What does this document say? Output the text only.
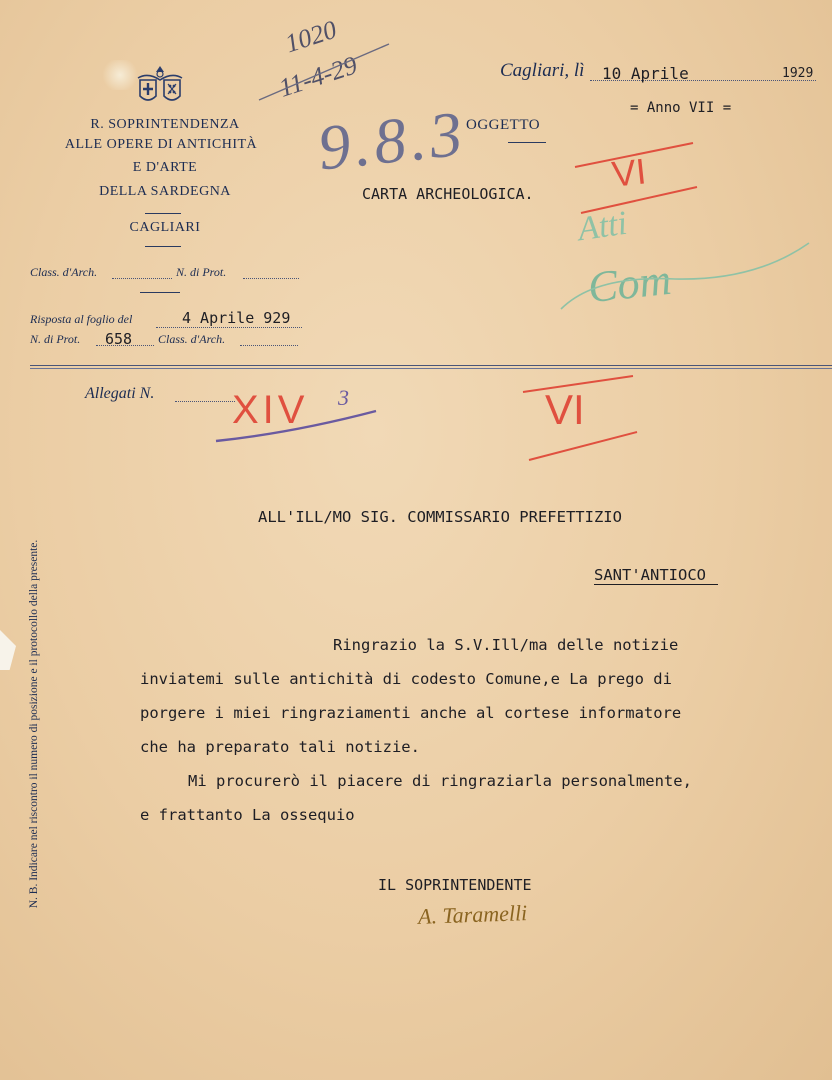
R. SOPRINTENDENZA
ALLE OPERE DI ANTICHITÀ
E D'ARTE
DELLA SARDEGNA
CAGLIARI
Class. d'Arch.	N. di Prot.
Risposta al foglio del	4 Aprile 929
N. di Prot. 658 Class. d'Arch.
Cagliari, lì 10 Aprile	1929
= Anno VII =
OGGETTO
CARTA ARCHEOLOGICA.
Allegati N.
1020
11-4-29
9.8.3	VI
Atti
Com
XIV 3	VI
ALL'ILL/MO SIG. COMMISSARIO PREFETTIZIO
SANT'ANTIOCO
Ringrazio la S.V.Ill/ma delle notizie
inviatemi sulle antichità di codesto Comune,e La prego di
porgere i miei ringraziamenti anche al cortese informatore
che ha preparato tali notizie.
Mi procurerò il piacere di ringraziarla personalmente,
e frattanto La ossequio
IL SOPRINTENDENTE
A. Taramelli
N. B. Indicare nel riscontro il numero di posizione e il protocollo della presente.
